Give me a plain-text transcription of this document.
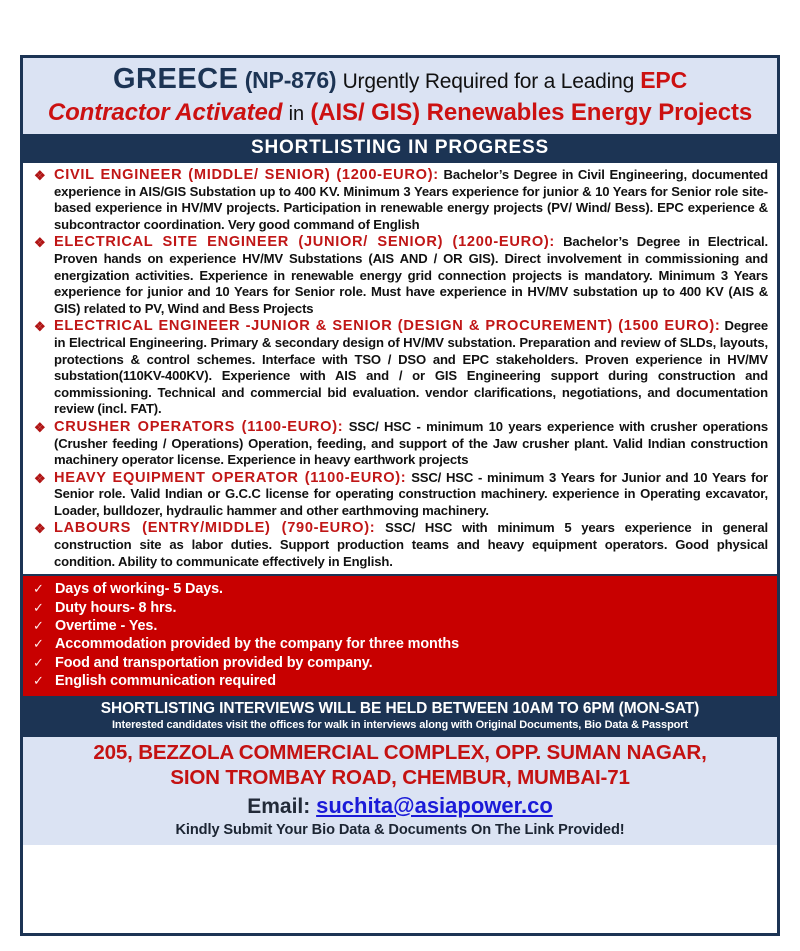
GREECE (NP-876) Urgently Required for a Leading EPC
Contractor Activated in (AIS/ GIS) Renewables Energy Projects
SHORTLISTING IN PROGRESS
❖ CIVIL ENGINEER (MIDDLE/ SENIOR) (1200-EURO): Bachelor’s Degree in Civil Engineering, documented experience in AIS/GIS Substation up to 400 KV. Minimum 3 Years experience for junior & 10 Years for Senior role site-based experience in HV/MV projects. Participation in renewable energy projects (PV/ Wind/ Bess). EPC experience & subcontractor coordination. Very good command of English
❖ ELECTRICAL SITE ENGINEER (JUNIOR/ SENIOR) (1200-EURO): Bachelor’s Degree in Electrical. Proven hands on experience HV/MV Substations (AIS AND / OR GIS). Direct involvement in commissioning and energization activities. Experience in renewable energy grid connection projects is mandatory. Minimum 3 Years experience for junior and 10 Years for Senior role. Must have experience in HV/MV substation up to 400 KV (AIS & GIS) related to PV, Wind and Bess Projects
❖ ELECTRICAL ENGINEER -JUNIOR & SENIOR (DESIGN & PROCUREMENT) (1500 EURO): Degree in Electrical Engineering. Primary & secondary design of HV/MV substation. Preparation and review of SLDs, layouts, protections & control schemes. Interface with TSO / DSO and EPC stakeholders. Proven experience in HV/MV substation(110KV-400KV). Experience with AIS and / or GIS Engineering support during construction and commissioning. Technical and commercial bid evaluation. vendor clarifications, negotiations, and documentation review (incl. FAT).
❖ CRUSHER OPERATORS (1100-EURO): SSC/ HSC - minimum 10 years experience with crusher operations (Crusher feeding / Operations) Operation, feeding, and support of the Jaw crusher plant. Valid Indian construction machinery operator license. Experience in heavy earthwork projects
❖ HEAVY EQUIPMENT OPERATOR (1100-EURO): SSC/ HSC - minimum 3 Years for Junior and 10 Years for Senior role. Valid Indian or G.C.C license for operating construction machinery. experience in Operating excavator, Loader, bulldozer, hydraulic hammer and other earthmoving machinery.
❖ LABOURS (ENTRY/MIDDLE) (790-EURO): SSC/ HSC with minimum 5 years experience in general construction site as labor duties. Support production teams and heavy equipment operators. Good physical condition. Ability to communicate effectively in English.
✓ Days of working- 5 Days.
✓ Duty hours- 8 hrs.
✓ Overtime - Yes.
✓ Accommodation provided by the company for three months
✓ Food and transportation provided by company.
✓ English communication required
SHORTLISTING INTERVIEWS WILL BE HELD BETWEEN 10AM TO 6PM (MON-SAT)
Interested candidates visit the offices for walk in interviews along with Original Documents, Bio Data & Passport
205, BEZZOLA COMMERCIAL COMPLEX, OPP. SUMAN NAGAR,
SION TROMBAY ROAD, CHEMBUR, MUMBAI-71
Email: suchita@asiapower.co
Kindly Submit Your Bio Data & Documents On The Link Provided!
